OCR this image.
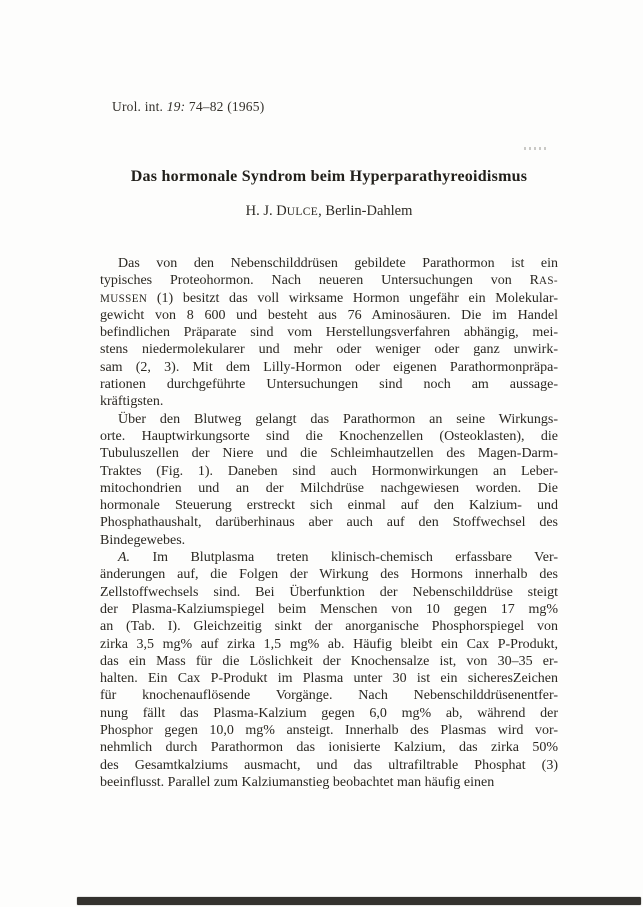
Urol. int. 19: 74–82 (1965)
Das hormonale Syndrom beim Hyperparathyreoidismus
H. J. DULCE, Berlin-Dahlem
Das von den Nebenschilddrüsen gebildete Parathormon ist ein
typisches Proteohormon. Nach neueren Untersuchungen von RAS-
MUSSEN (1) besitzt das voll wirksame Hormon ungefähr ein Molekular-
gewicht von 8 600 und besteht aus 76 Aminosäuren. Die im Handel
befindlichen Präparate sind vom Herstellungsverfahren abhängig, mei-
stens niedermolekularer und mehr oder weniger oder ganz unwirk-
sam (2, 3). Mit dem Lilly-Hormon oder eigenen Parathormonpräpa-
rationen durchgeführte Untersuchungen sind noch am aussage-
kräftigsten.
Über den Blutweg gelangt das Parathormon an seine Wirkungs-
orte. Hauptwirkungsorte sind die Knochenzellen (Osteoklasten), die
Tubuluszellen der Niere und die Schleimhautzellen des Magen-Darm-
Traktes (Fig. 1). Daneben sind auch Hormonwirkungen an Leber-
mitochondrien und an der Milchdrüse nachgewiesen worden. Die
hormonale Steuerung erstreckt sich einmal auf den Kalzium- und
Phosphathaushalt, darüberhinaus aber auch auf den Stoffwechsel des
Bindegewebes.
A. Im Blutplasma treten klinisch-chemisch erfassbare Ver-
änderungen auf, die Folgen der Wirkung des Hormons innerhalb des
Zellstoffwechsels sind. Bei Überfunktion der Nebenschilddrüse steigt
der Plasma-Kalziumspiegel beim Menschen von 10 gegen 17 mg%
an (Tab. I). Gleichzeitig sinkt der anorganische Phosphorspiegel von
zirka 3,5 mg% auf zirka 1,5 mg% ab. Häufig bleibt ein Cax P-Produkt,
das ein Mass für die Löslichkeit der Knochensalze ist, von 30–35 er-
halten. Ein Cax P-Produkt im Plasma unter 30 ist ein sicheresZeichen
für knochenauflösende Vorgänge. Nach Nebenschilddrüsenentfer-
nung fällt das Plasma-Kalzium gegen 6,0 mg% ab, während der
Phosphor gegen 10,0 mg% ansteigt. Innerhalb des Plasmas wird vor-
nehmlich durch Parathormon das ionisierte Kalzium, das zirka 50%
des Gesamtkalziums ausmacht, und das ultrafiltrable Phosphat (3)
beeinflusst. Parallel zum Kalziumanstieg beobachtet man häufig einen
